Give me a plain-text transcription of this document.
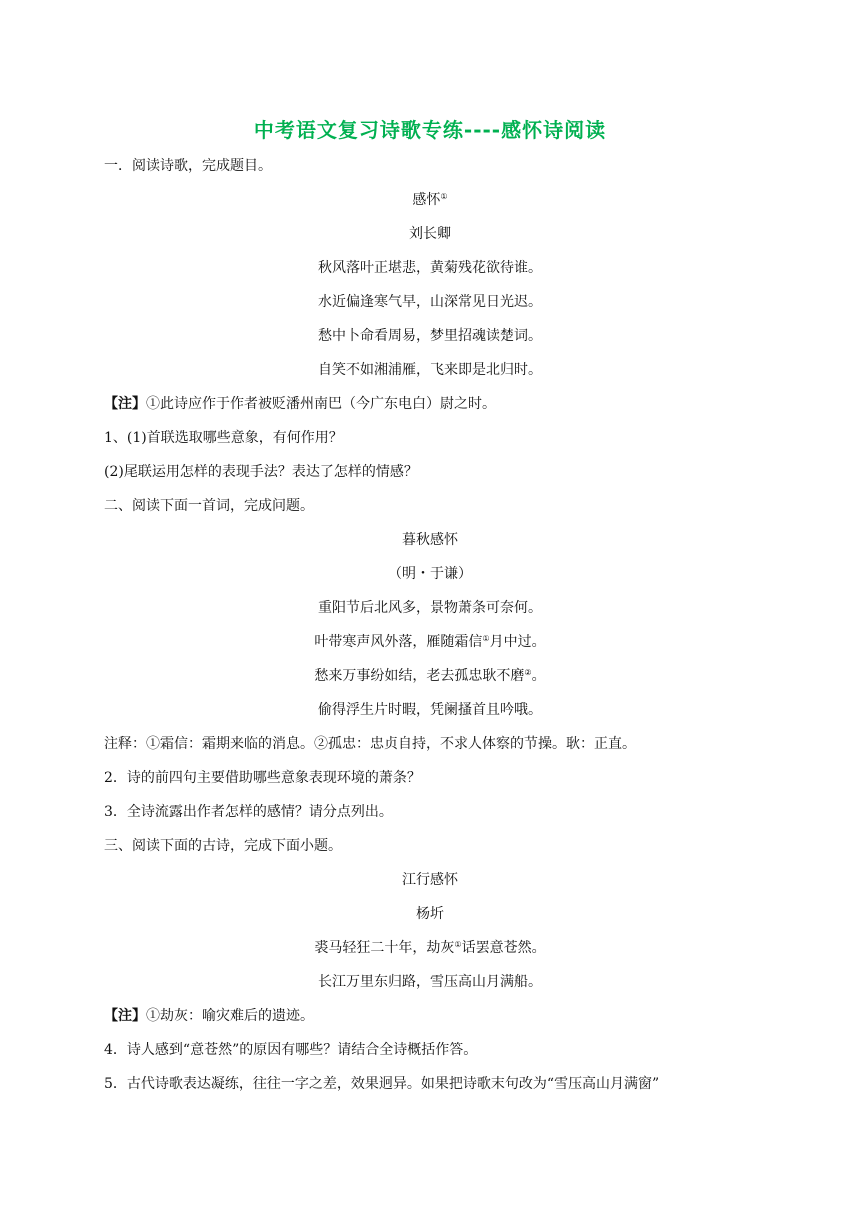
中考语文复习诗歌专练----感怀诗阅读
一．阅读诗歌，完成题目。
感怀①
刘长卿
秋风落叶正堪悲，黄菊残花欲待谁。
水近偏逢寒气早，山深常见日光迟。
愁中卜命看周易，梦里招魂读楚词。
自笑不如湘浦雁，飞来即是北归时。
【注】①此诗应作于作者被贬潘州南巴（今广东电白）尉之时。
1、(1)首联选取哪些意象，有何作用？
(2)尾联运用怎样的表现手法？表达了怎样的情感？
二、阅读下面一首词，完成问题。
暮秋感怀
（明・于谦）
重阳节后北风多，景物萧条可奈何。
叶带寒声风外落，雁随霜信①月中过。
愁来万事纷如结，老去孤忠耿不磨②。
偷得浮生片时暇，凭阑搔首且吟哦。
注释：①霜信：霜期来临的消息。②孤忠：忠贞自持，不求人体察的节操。耿：正直。
2．诗的前四句主要借助哪些意象表现环境的萧条？
3．全诗流露出作者怎样的感情？请分点列出。
三、阅读下面的古诗，完成下面小题。
江行感怀
杨圻
裘马轻狂二十年，劫灰①话罢意苍然。
长江万里东归路，雪压高山月满船。
【注】①劫灰：喻灾难后的遗迹。
4．诗人感到“意苍然”的原因有哪些？请结合全诗概括作答。
5．古代诗歌表达凝练，往往一字之差，效果迥异。如果把诗歌末句改为“雪压高山月满窗”
